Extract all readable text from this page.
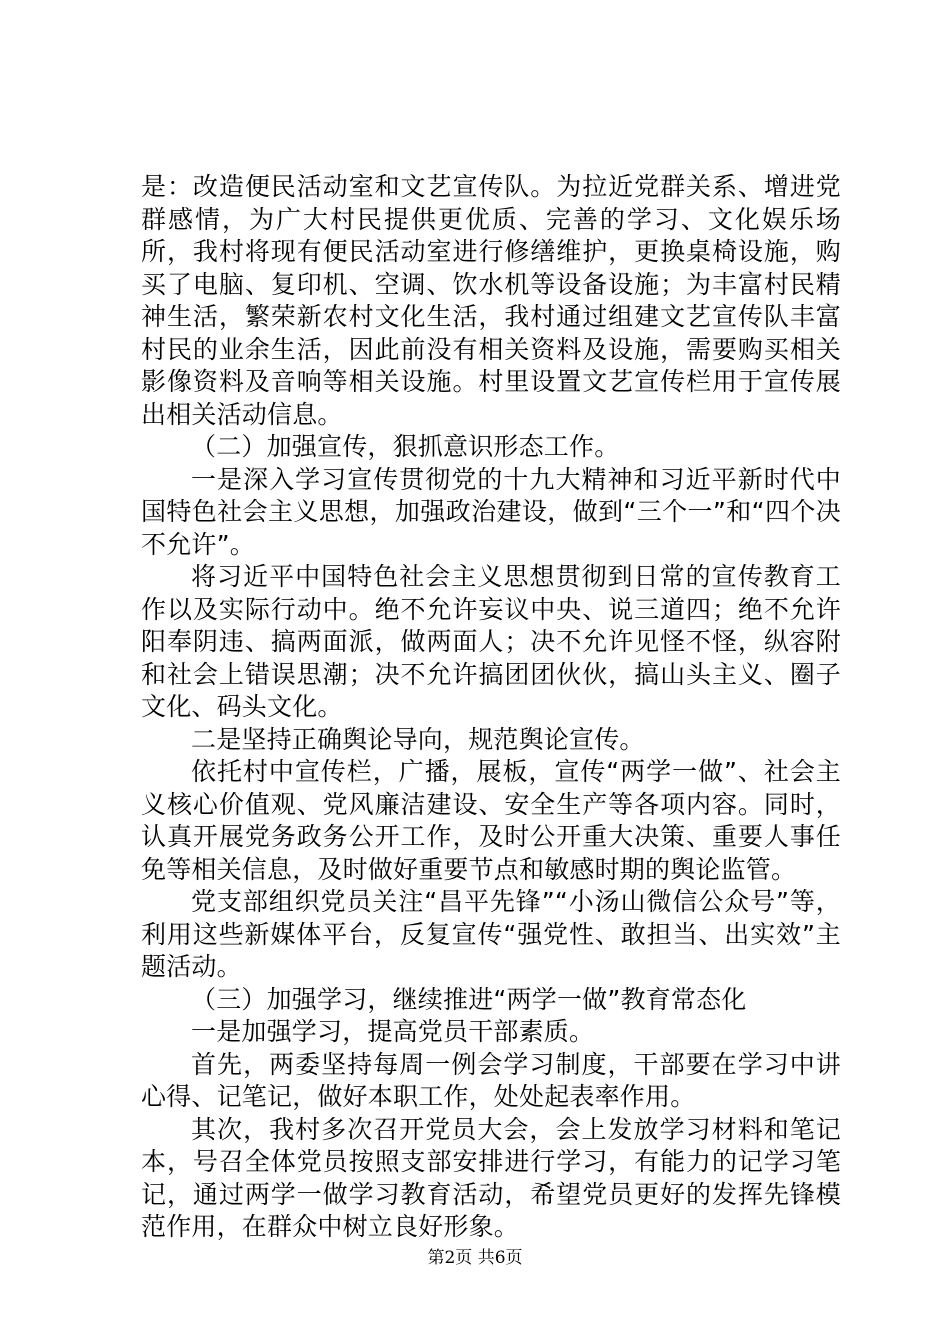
是：改造便民活动室和文艺宣传队。为拉近党群关系、增进党群感情，为广大村民提供更优质、完善的学习、文化娱乐场所，我村将现有便民活动室进行修缮维护，更换桌椅设施，购买了电脑、复印机、空调、饮水机等设备设施；为丰富村民精神生活，繁荣新农村文化生活，我村通过组建文艺宣传队丰富村民的业余生活，因此前没有相关资料及设施，需要购买相关影像资料及音响等相关设施。村里设置文艺宣传栏用于宣传展出相关活动信息。

（二）加强宣传，狠抓意识形态工作。

一是深入学习宣传贯彻党的十九大精神和习近平新时代中国特色社会主义思想，加强政治建设，做到“三个一”和“四个决不允许”。

将习近平中国特色社会主义思想贯彻到日常的宣传教育工作以及实际行动中。绝不允许妄议中央、说三道四；绝不允许阳奉阴违、搞两面派，做两面人；决不允许见怪不怪，纵容附和社会上错误思潮；决不允许搞团团伙伙，搞山头主义、圈子文化、码头文化。

二是坚持正确舆论导向，规范舆论宣传。

依托村中宣传栏，广播，展板，宣传“两学一做”、社会主义核心价值观、党风廉洁建设、安全生产等各项内容。同时，认真开展党务政务公开工作，及时公开重大决策、重要人事任免等相关信息，及时做好重要节点和敏感时期的舆论监管。

党支部组织党员关注“昌平先锋”“小汤山微信公众号”等，利用这些新媒体平台，反复宣传“强党性、敢担当、出实效”主题活动。

（三）加强学习，继续推进“两学一做”教育常态化

一是加强学习，提高党员干部素质。

首先，两委坚持每周一例会学习制度，干部要在学习中讲心得、记笔记，做好本职工作，处处起表率作用。

其次，我村多次召开党员大会，会上发放学习材料和笔记本，号召全体党员按照支部安排进行学习，有能力的记学习笔记，通过两学一做学习教育活动，希望党员更好的发挥先锋模范作用，在群众中树立良好形象。

第2页 共6页
